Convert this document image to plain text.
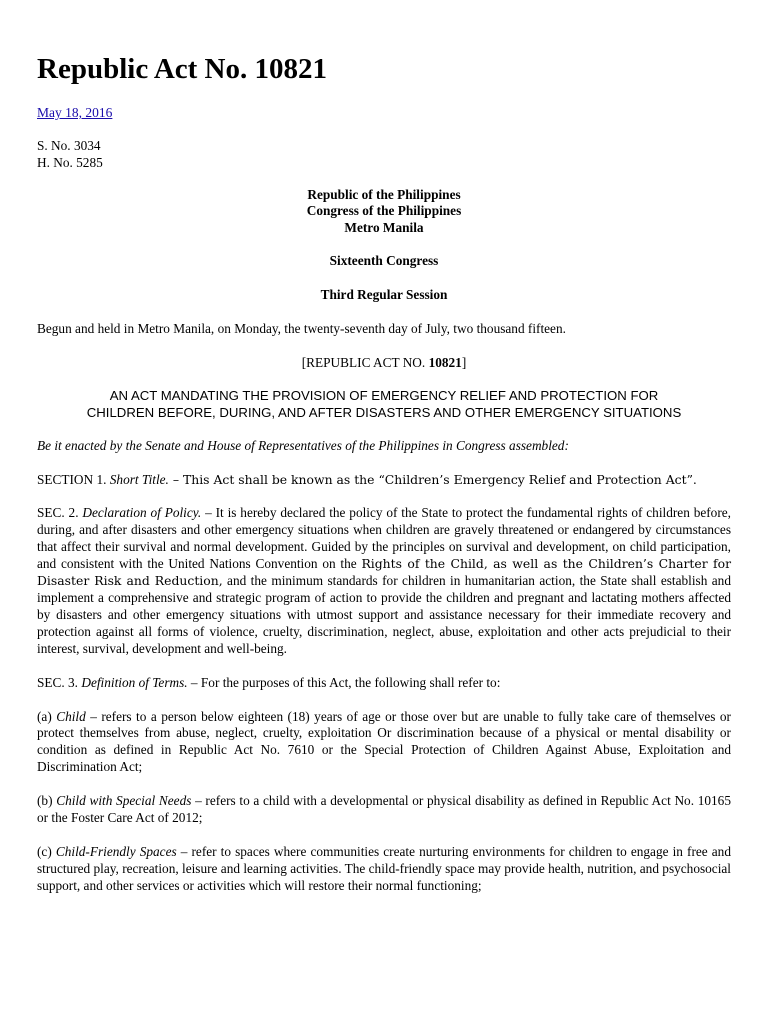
Republic Act No. 10821
May 18, 2016
S. No. 3034
H. No. 5285
Republic of the Philippines
Congress of the Philippines
Metro Manila
Sixteenth Congress
Third Regular Session
Begun and held in Metro Manila, on Monday, the twenty-seventh day of July, two thousand fifteen.
[REPUBLIC ACT NO. 10821]
AN ACT MANDATING THE PROVISION OF EMERGENCY RELIEF AND PROTECTION FOR
CHILDREN BEFORE, DURING, AND AFTER DISASTERS AND OTHER EMERGENCY SITUATIONS
Be it enacted by the Senate and House of Representatives of the Philippines in Congress assembled:
SECTION 1. Short Title. – This Act shall be known as the “Children’s Emergency Relief and Protection Act”.
SEC. 2. Declaration of Policy. – It is hereby declared the policy of the State to protect the fundamental rights of children before, during, and after disasters and other emergency situations when children are gravely threatened or endangered by circumstances that affect their survival and normal development. Guided by the principles on survival and development, on child participation, and consistent with the United Nations Convention on the Rights of the Child, as well as the Children’s Charter for Disaster Risk and Reduction, and the minimum standards for children in humanitarian action, the State shall establish and implement a comprehensive and strategic program of action to provide the children and pregnant and lactating mothers affected by disasters and other emergency situations with utmost support and assistance necessary for their immediate recovery and protection against all forms of violence, cruelty, discrimination, neglect, abuse, exploitation and other acts prejudicial to their interest, survival, development and well-being.
SEC. 3. Definition of Terms. – For the purposes of this Act, the following shall refer to:
(a) Child – refers to a person below eighteen (18) years of age or those over but are unable to fully take care of themselves or protect themselves from abuse, neglect, cruelty, exploitation Or discrimination because of a physical or mental disability or condition as defined in Republic Act No. 7610 or the Special Protection of Children Against Abuse, Exploitation and Discrimination Act;
(b) Child with Special Needs – refers to a child with a developmental or physical disability as defined in Republic Act No. 10165 or the Foster Care Act of 2012;
(c) Child-Friendly Spaces – refer to spaces where communities create nurturing environments for children to engage in free and structured play, recreation, leisure and learning activities. The child-friendly space may provide health, nutrition, and psychosocial support, and other services or activities which will restore their normal functioning;
